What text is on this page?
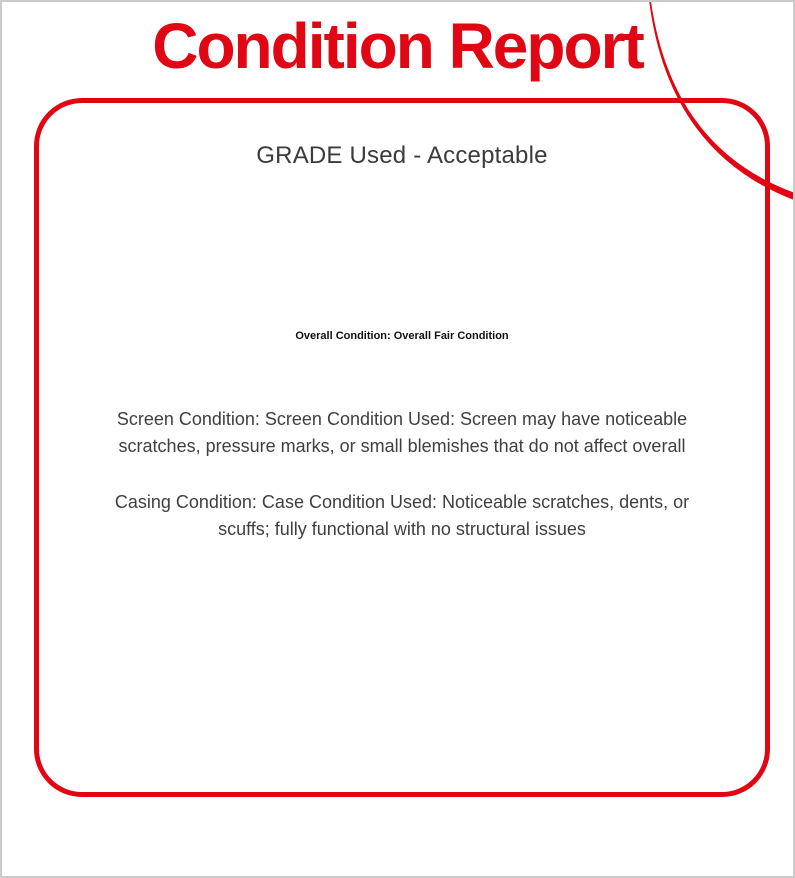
Condition Report
GRADE Used - Acceptable
Overall Condition: Overall Fair Condition

Screen Condition: Screen Condition Used: Screen may have noticeable scratches, pressure marks, or small blemishes that do not affect overall

Casing Condition: Case Condition Used: Noticeable scratches, dents, or scuffs; fully functional with no structural issues
